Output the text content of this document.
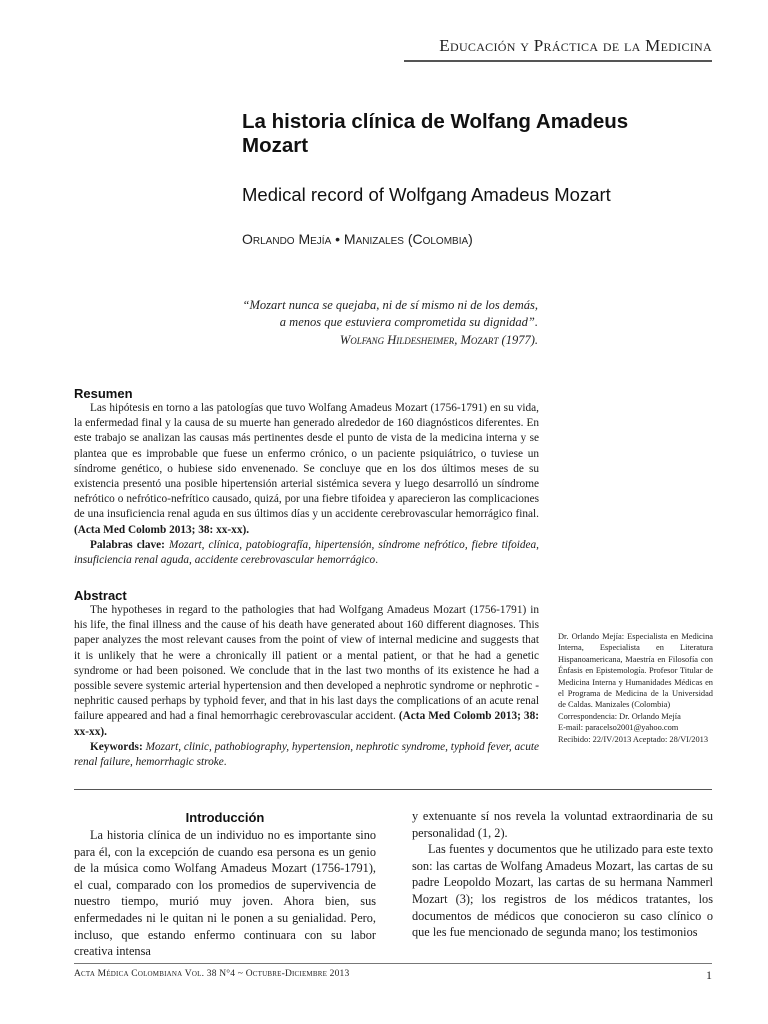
Educación y Práctica de la Medicina
La historia clínica de Wolfang Amadeus Mozart
Medical record of Wolfgang Amadeus Mozart
Orlando Mejía • Manizales (Colombia)
“Mozart nunca se quejaba, ni de sí mismo ni de los demás,
a menos que estuviera comprometida su dignidad”.
Wolfang Hildesheimer, Mozart (1977).
Resumen

Las hipótesis en torno a las patologías que tuvo Wolfang Amadeus Mozart (1756-1791) en su vida, la enfermedad final y la causa de su muerte han generado alrededor de 160 diagnósticos diferentes. En este trabajo se analizan las causas más pertinentes desde el punto de vista de la medicina interna y se plantea que es improbable que fuese un enfermo crónico, o un paciente psiquiátrico, o tuviese un síndrome genético, o hubiese sido envenenado. Se concluye que en los dos últimos meses de su existencia presentó una posible hipertensión arterial sistémica severa y luego desarrolló un síndrome nefrótico o nefrótico-nefrítico causado, quizá, por una fiebre tifoidea y aparecieron las complicaciones de una insuficiencia renal aguda en sus últimos días y un accidente cerebrovascular hemorrágico final. (Acta Med Colomb 2013; 38: xx-xx).

Palabras clave: Mozart, clínica, patobiografía, hipertensión, síndrome nefrótico, fiebre tifoidea, insuficiencia renal aguda, accidente cerebrovascular hemorrágico.

Abstract

The hypotheses in regard to the pathologies that had Wolfgang Amadeus Mozart (1756-1791) in his life, the final illness and the cause of his death have generated about 160 different diagnoses. This paper analyzes the most relevant causes from the point of view of internal medicine and suggests that it is unlikely that he were a chronically ill patient or a mental patient, or that he had a genetic syndrome or had been poisoned. We conclude that in the last two months of its existence he had a possible severe systemic arterial hypertension and then developed a nephrotic syndrome or nephrotic - nephritic caused perhaps by typhoid fever, and that in his last days the complications of an acute renal failure appeared and had a final hemorrhagic cerebrovascular accident. (Acta Med Colomb 2013; 38: xx-xx).

Keywords: Mozart, clinic, pathobiography, hypertension, nephrotic syndrome, typhoid fever, acute renal failure, hemorrhagic stroke.

Dr. Orlando Mejía: Especialista en Medicina Interna, Especialista en Literatura Hispanoamericana, Maestría en Filosofía con Énfasis en Epistemología. Profesor Titular de Medicina Interna y Humanidades Médicas en el Programa de Medicina de la Universidad de Caldas. Manizales (Colombia)

Correspondencia: Dr. Orlando Mejía

E-mail: paracelso2001@yahoo.com

Recibido: 22/IV/2013 Aceptado: 28/VI/2013

Introducción

La historia clínica de un individuo no es importante sino para él, con la excepción de cuando esa persona es un genio de la música como Wolfang Amadeus Mozart (1756-1791), el cual, comparado con los promedios de supervivencia de nuestro tiempo, murió muy joven. Ahora bien, sus enfermedades ni le quitan ni le ponen a su genialidad. Pero, incluso, que estando enfermo continuara con su labor creativa intensa

y extenuante sí nos revela la voluntad extraordinaria de su personalidad (1, 2).

Las fuentes y documentos que he utilizado para este texto son: las cartas de Wolfang Amadeus Mozart, las cartas de su padre Leopoldo Mozart, las cartas de su hermana Nammerl Mozart (3); los registros de los médicos tratantes, los documentos de médicos que conocieron su caso clínico o que les fue mencionado de segunda mano; los testimonios

Acta Médica Colombiana Vol. 38 N°4 ~ Octubre-Diciembre 2013	1
